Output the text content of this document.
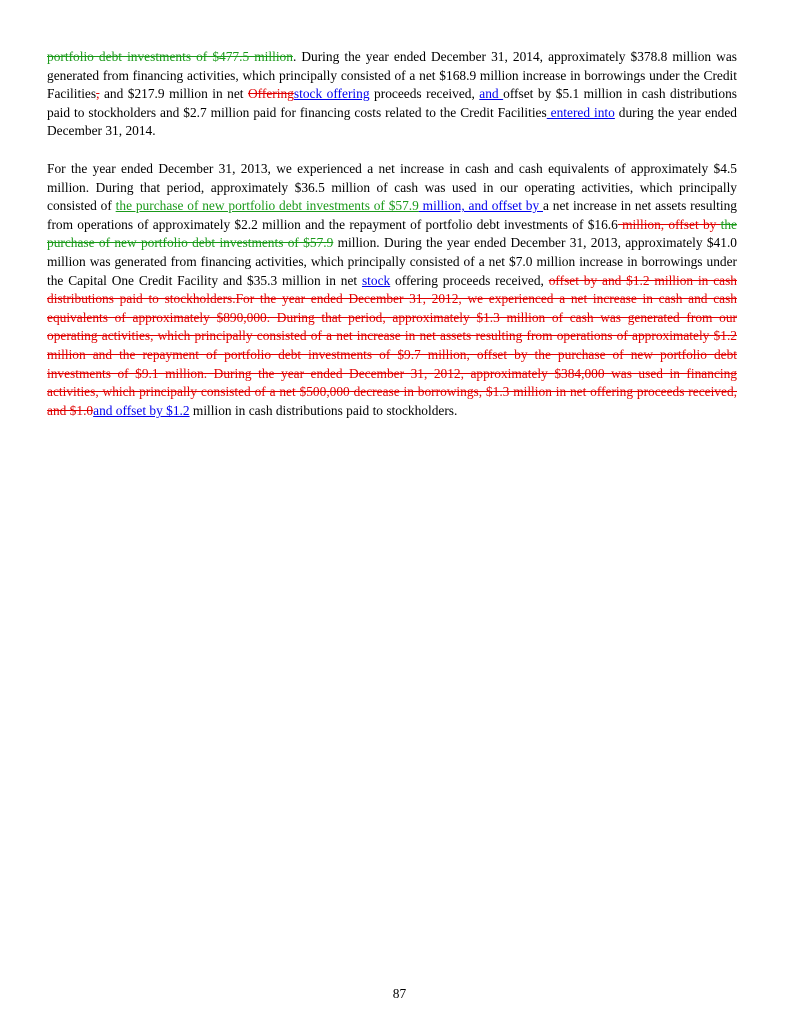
portfolio debt investments of $477.5 million. During the year ended December 31, 2014, approximately $378.8 million was generated from financing activities, which principally consisted of a net $168.9 million increase in borrowings under the Credit Facilities, and $217.9 million in net Offeringstock offering proceeds received, and offset by $5.1 million in cash distributions paid to stockholders and $2.7 million paid for financing costs related to the Credit Facilities entered into during the year ended December 31, 2014.

For the year ended December 31, 2013, we experienced a net increase in cash and cash equivalents of approximately $4.5 million. During that period, approximately $36.5 million of cash was used in our operating activities, which principally consisted of the purchase of new portfolio debt investments of $57.9 million, and offset by a net increase in net assets resulting from operations of approximately $2.2 million and the repayment of portfolio debt investments of $16.6 million, offset by the purchase of new portfolio debt investments of $57.9 million. During the year ended December 31, 2013, approximately $41.0 million was generated from financing activities, which principally consisted of a net $7.0 million increase in borrowings under the Capital One Credit Facility and $35.3 million in net stock offering proceeds received, offset by and $1.2 million in cash distributions paid to stockholders.For the year ended December 31, 2012, we experienced a net increase in cash and cash equivalents of approximately $890,000. During that period, approximately $1.3 million of cash was generated from our operating activities, which principally consisted of a net increase in net assets resulting from operations of approximately $1.2 million and the repayment of portfolio debt investments of $9.7 million, offset by the purchase of new portfolio debt investments of $9.1 million. During the year ended December 31, 2012, approximately $384,000 was used in financing activities, which principally consisted of a net $500,000 decrease in borrowings, $1.3 million in net offering proceeds received, and $1.0and offset by $1.2 million in cash distributions paid to stockholders.

87
